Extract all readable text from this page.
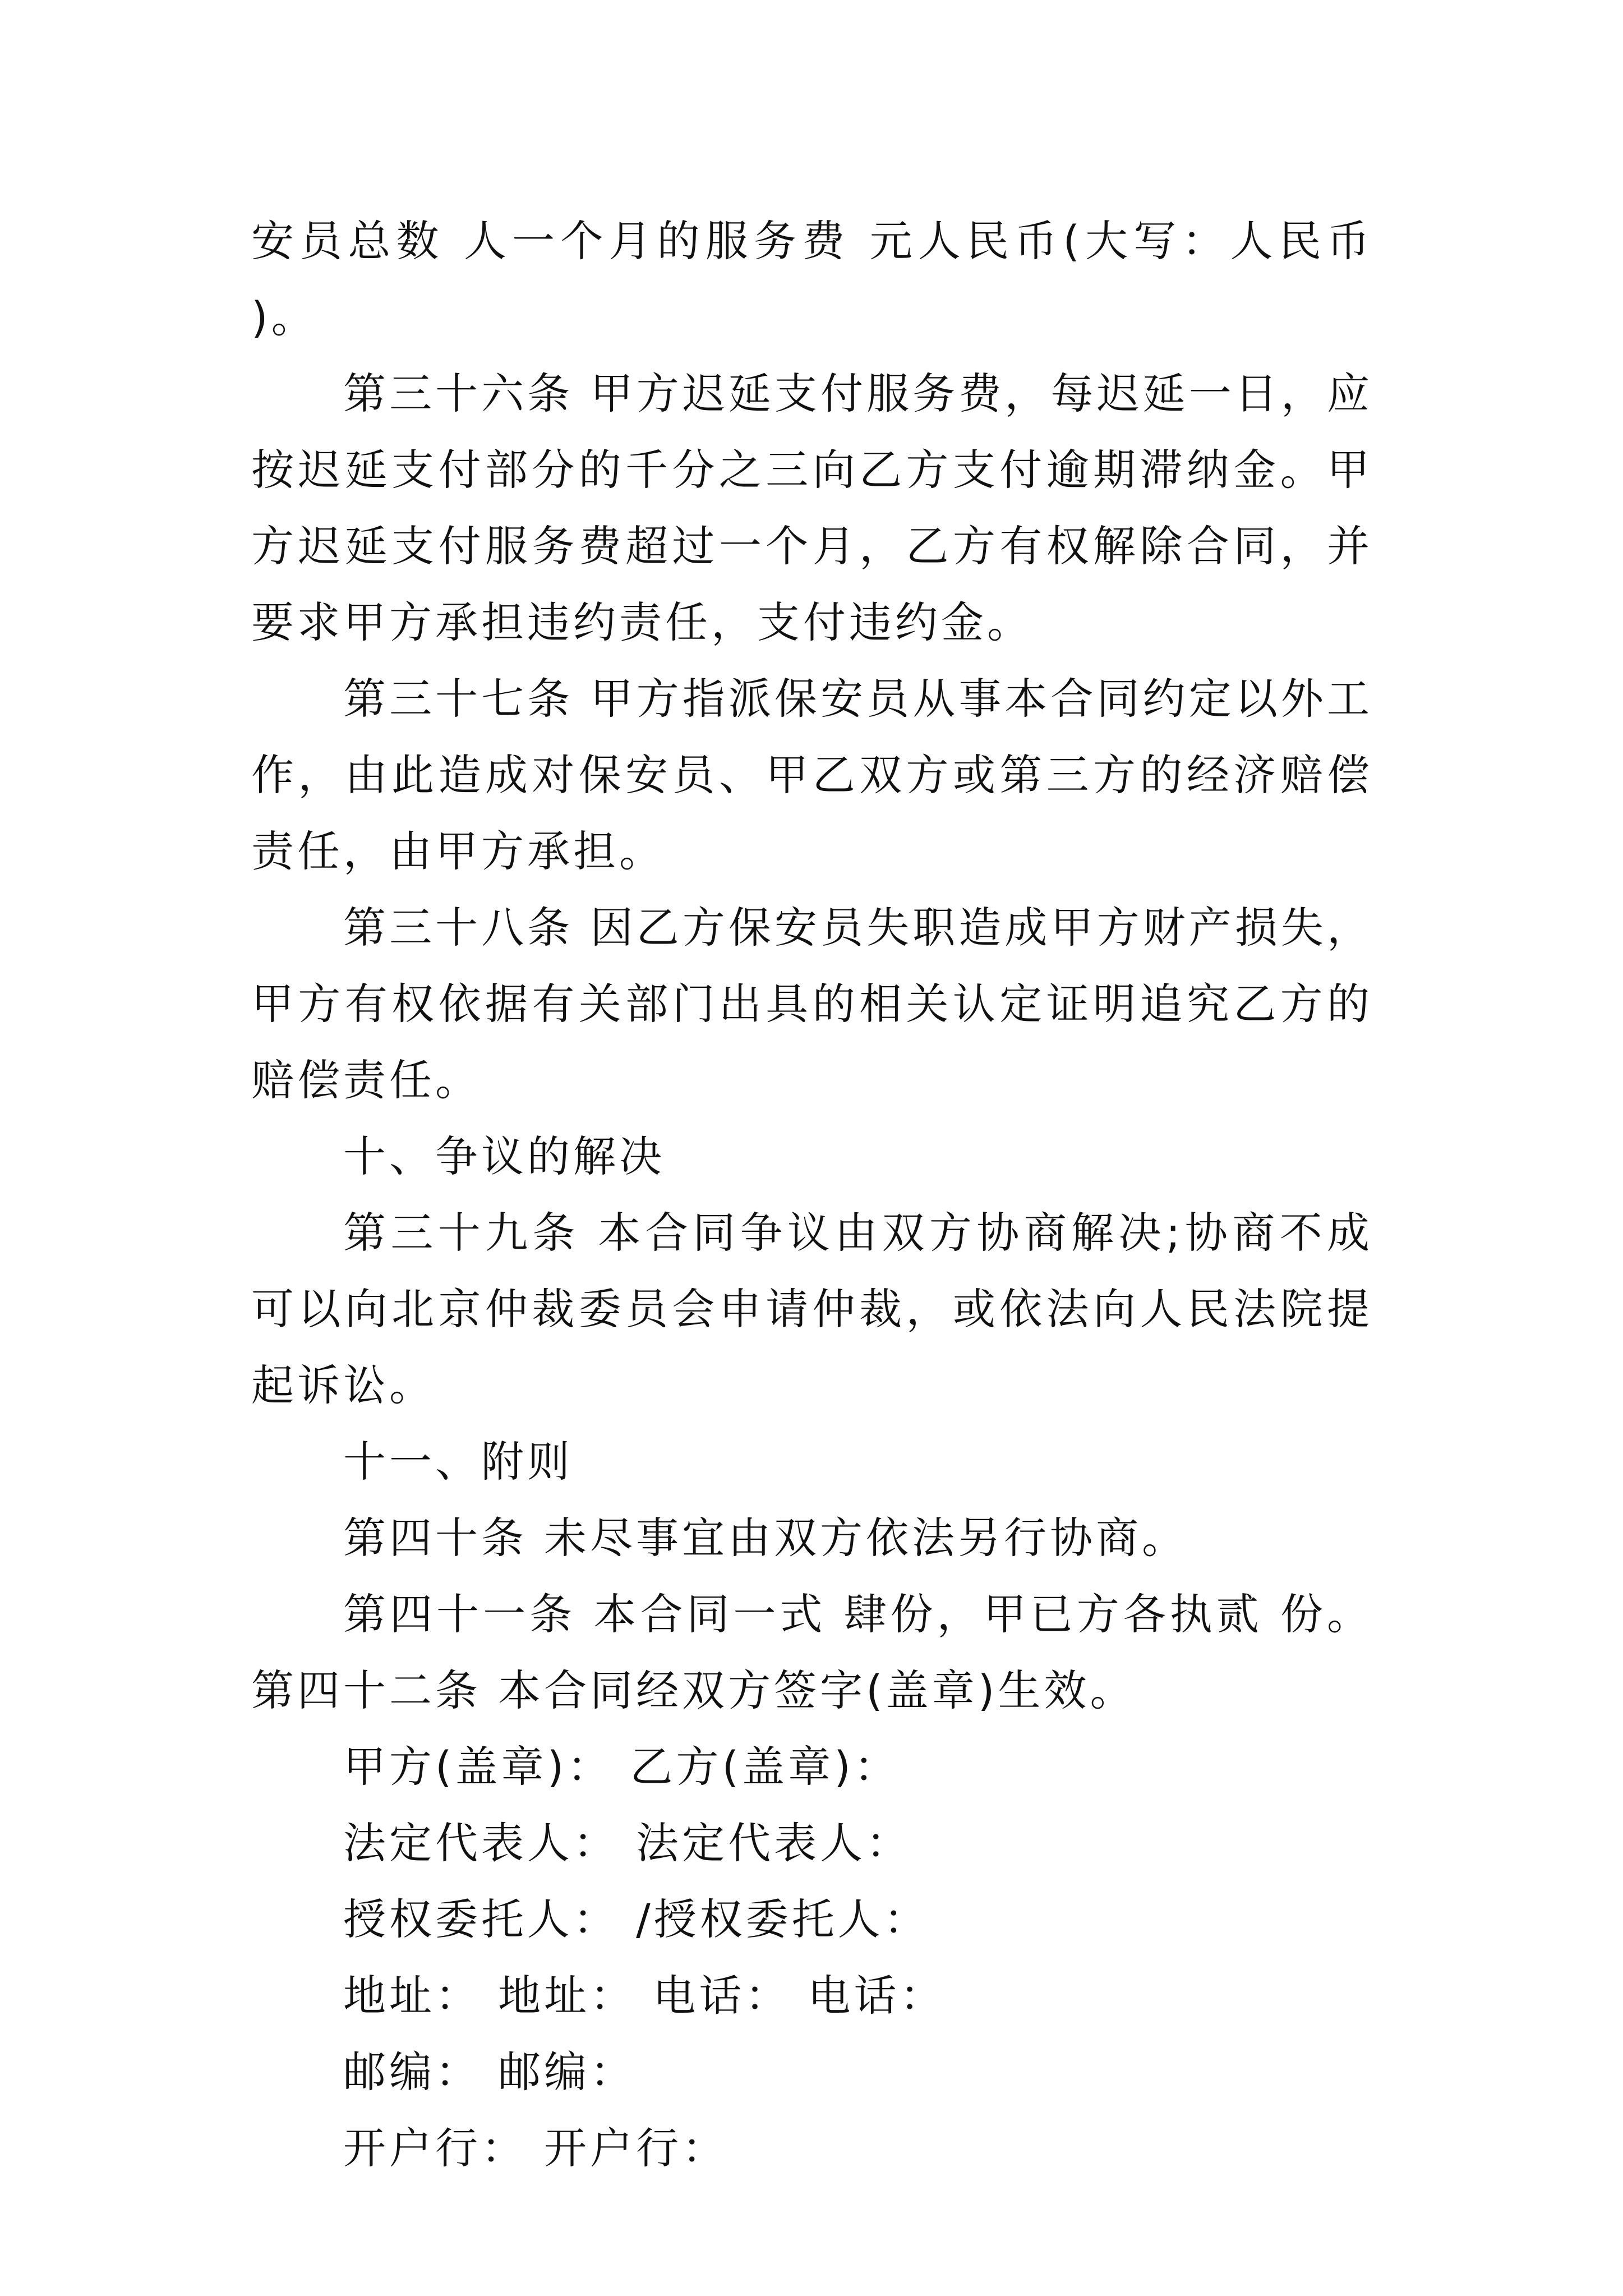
安员总数 人一个月的服务费 元人民币(大写：人民币 )。

第三十六条 甲方迟延支付服务费，每迟延一日，应按迟延支付部分的千分之三向乙方支付逾期滞纳金。甲方迟延支付服务费超过一个月，乙方有权解除合同，并要求甲方承担违约责任，支付违约金。

第三十七条 甲方指派保安员从事本合同约定以外工作，由此造成对保安员、甲乙双方或第三方的经济赔偿责任，由甲方承担。

第三十八条 因乙方保安员失职造成甲方财产损失，甲方有权依据有关部门出具的相关认定证明追究乙方的赔偿责任。

十、争议的解决

第三十九条 本合同争议由双方协商解决;协商不成可以向北京仲裁委员会申请仲裁，或依法向人民法院提起诉讼。

十一、附则

第四十条 未尽事宜由双方依法另行协商。

第四十一条 本合同一式 肆份，甲已方各执贰 份。 第四十二条 本合同经双方签字(盖章)生效。

甲方(盖章)： 乙方(盖章)：

法定代表人： 法定代表人：

授权委托人： /授权委托人：

地址： 地址： 电话： 电话：

邮编： 邮编：

开户行： 开户行：
